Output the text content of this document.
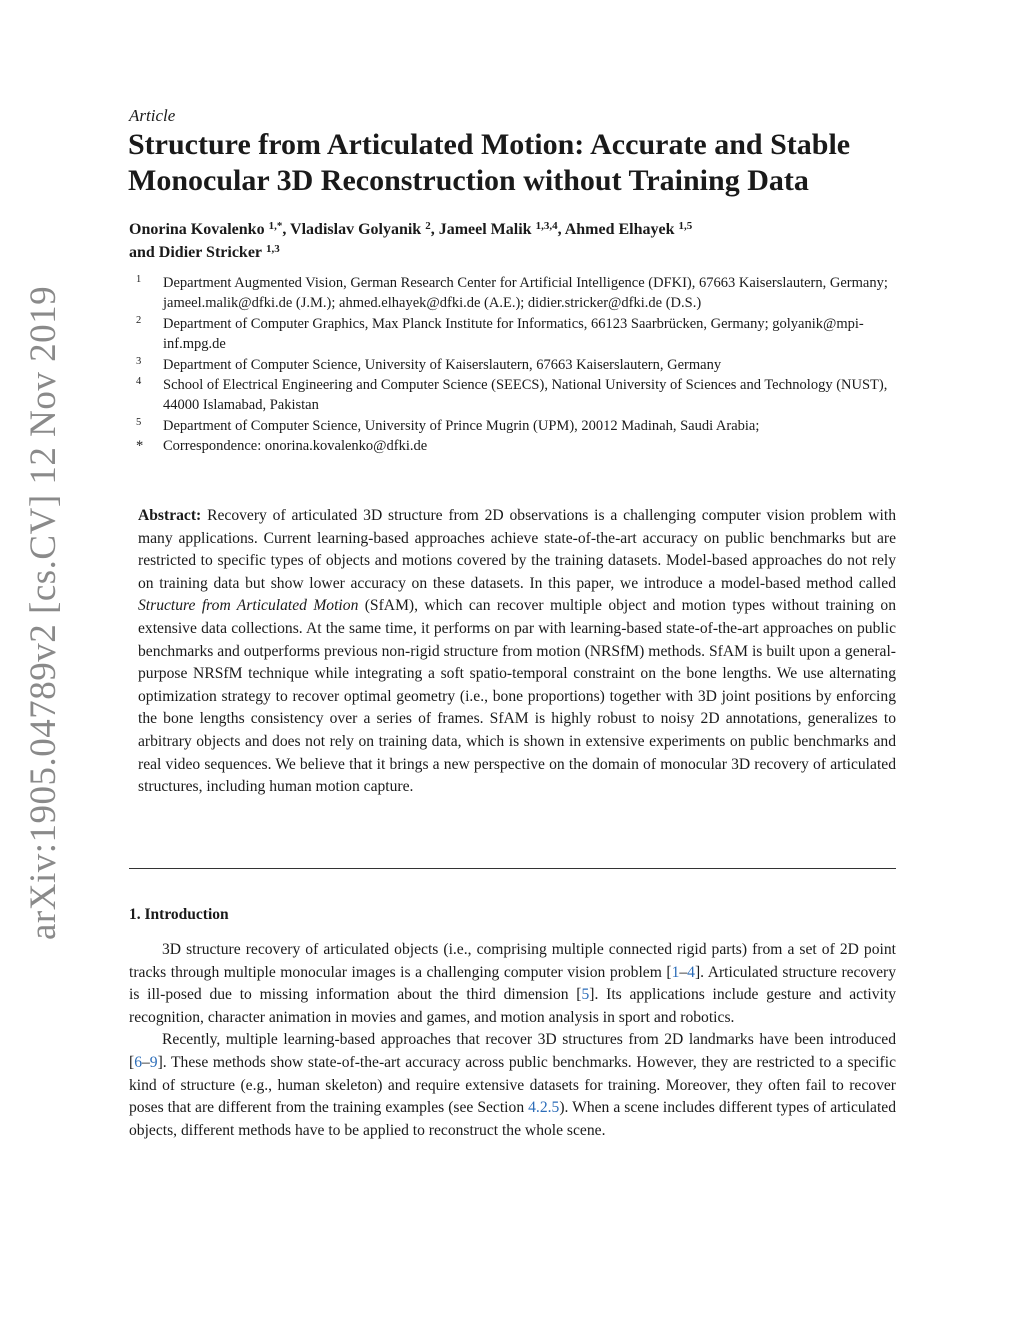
arXiv:1905.04789v2 [cs.CV] 12 Nov 2019
Article
Structure from Articulated Motion: Accurate and Stable Monocular 3D Reconstruction without Training Data
Onorina Kovalenko $^{1,*}$, Vladislav Golyanik $^2$, Jameel Malik $^{1,3,4}$, Ahmed Elhayek $^{1,5}$
and Didier Stricker $^{1,3}$
1	Department Augmented Vision, German Research Center for Artificial Intelligence (DFKI), 67663 Kaiserslautern, Germany; jameel.malik@dfki.de (J.M.); ahmed.elhayek@dfki.de (A.E.); didier.stricker@dfki.de (D.S.)
2	Department of Computer Graphics, Max Planck Institute for Informatics, 66123 Saarbrücken, Germany; golyanik@mpi-inf.mpg.de
3	Department of Computer Science, University of Kaiserslautern, 67663 Kaiserslautern, Germany
4	School of Electrical Engineering and Computer Science (SEECS), National University of Sciences and Technology (NUST), 44000 Islamabad, Pakistan
5	Department of Computer Science, University of Prince Mugrin (UPM), 20012 Madinah, Saudi Arabia;
*	Correspondence: onorina.kovalenko@dfki.de
Abstract: Recovery of articulated 3D structure from 2D observations is a challenging computer vision problem with many applications. Current learning-based approaches achieve state-of-the-art accuracy on public benchmarks but are restricted to specific types of objects and motions covered by the training datasets. Model-based approaches do not rely on training data but show lower accuracy on these datasets. In this paper, we introduce a model-based method called Structure from Articulated Motion (SfAM), which can recover multiple object and motion types without training on extensive data collections. At the same time, it performs on par with learning-based state-of-the-art approaches on public benchmarks and outperforms previous non-rigid structure from motion (NRSfM) methods. SfAM is built upon a general-purpose NRSfM technique while integrating a soft spatio-temporal constraint on the bone lengths. We use alternating optimization strategy to recover optimal geometry (i.e., bone proportions) together with 3D joint positions by enforcing the bone lengths consistency over a series of frames. SfAM is highly robust to noisy 2D annotations, generalizes to arbitrary objects and does not rely on training data, which is shown in extensive experiments on public benchmarks and real video sequences. We believe that it brings a new perspective on the domain of monocular 3D recovery of articulated structures, including human motion capture.
1. Introduction

3D structure recovery of articulated objects (i.e., comprising multiple connected rigid parts) from a set of 2D point tracks through multiple monocular images is a challenging computer vision problem [1–4]. Articulated structure recovery is ill-posed due to missing information about the third dimension [5]. Its applications include gesture and activity recognition, character animation in movies and games, and motion analysis in sport and robotics.

Recently, multiple learning-based approaches that recover 3D structures from 2D landmarks have been introduced [6–9]. These methods show state-of-the-art accuracy across public benchmarks. However, they are restricted to a specific kind of structure (e.g., human skeleton) and require extensive datasets for training. Moreover, they often fail to recover poses that are different from the training examples (see Section 4.2.5). When a scene includes different types of articulated objects, different methods have to be applied to reconstruct the whole scene.
